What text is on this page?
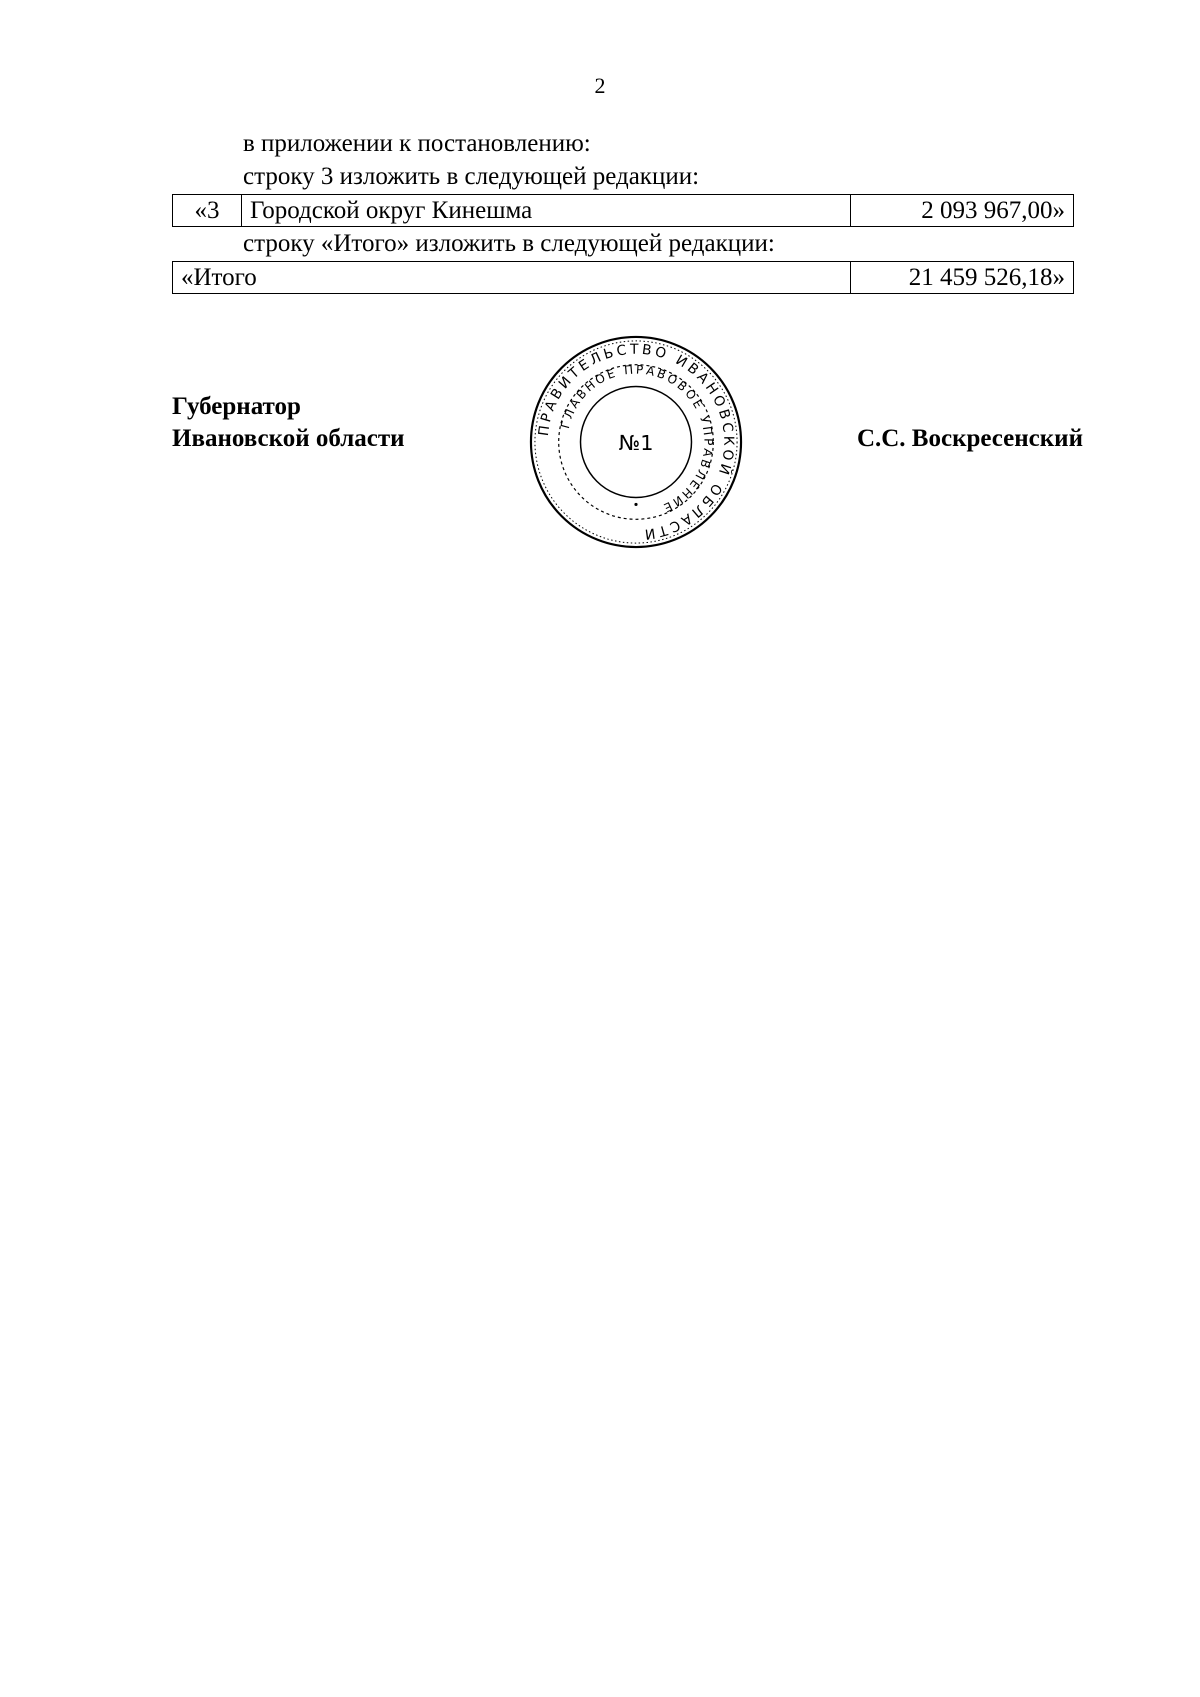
2
в приложении к постановлению:
строку 3 изложить в следующей редакции:
«3	Городской округ Кинешма	2 093 967,00»
строку «Итого» изложить в следующей редакции:
«Итого	21 459 526,18»
Губернатор
Ивановской области	С.С. Воскресенский
ПРАВИТЕЛЬСТВО ИВАНОВСКОЙ ОБЛАСТИ
ГЛАВНОЕ ПРАВОВОЕ УПРАВЛЕНИЕ
№1
